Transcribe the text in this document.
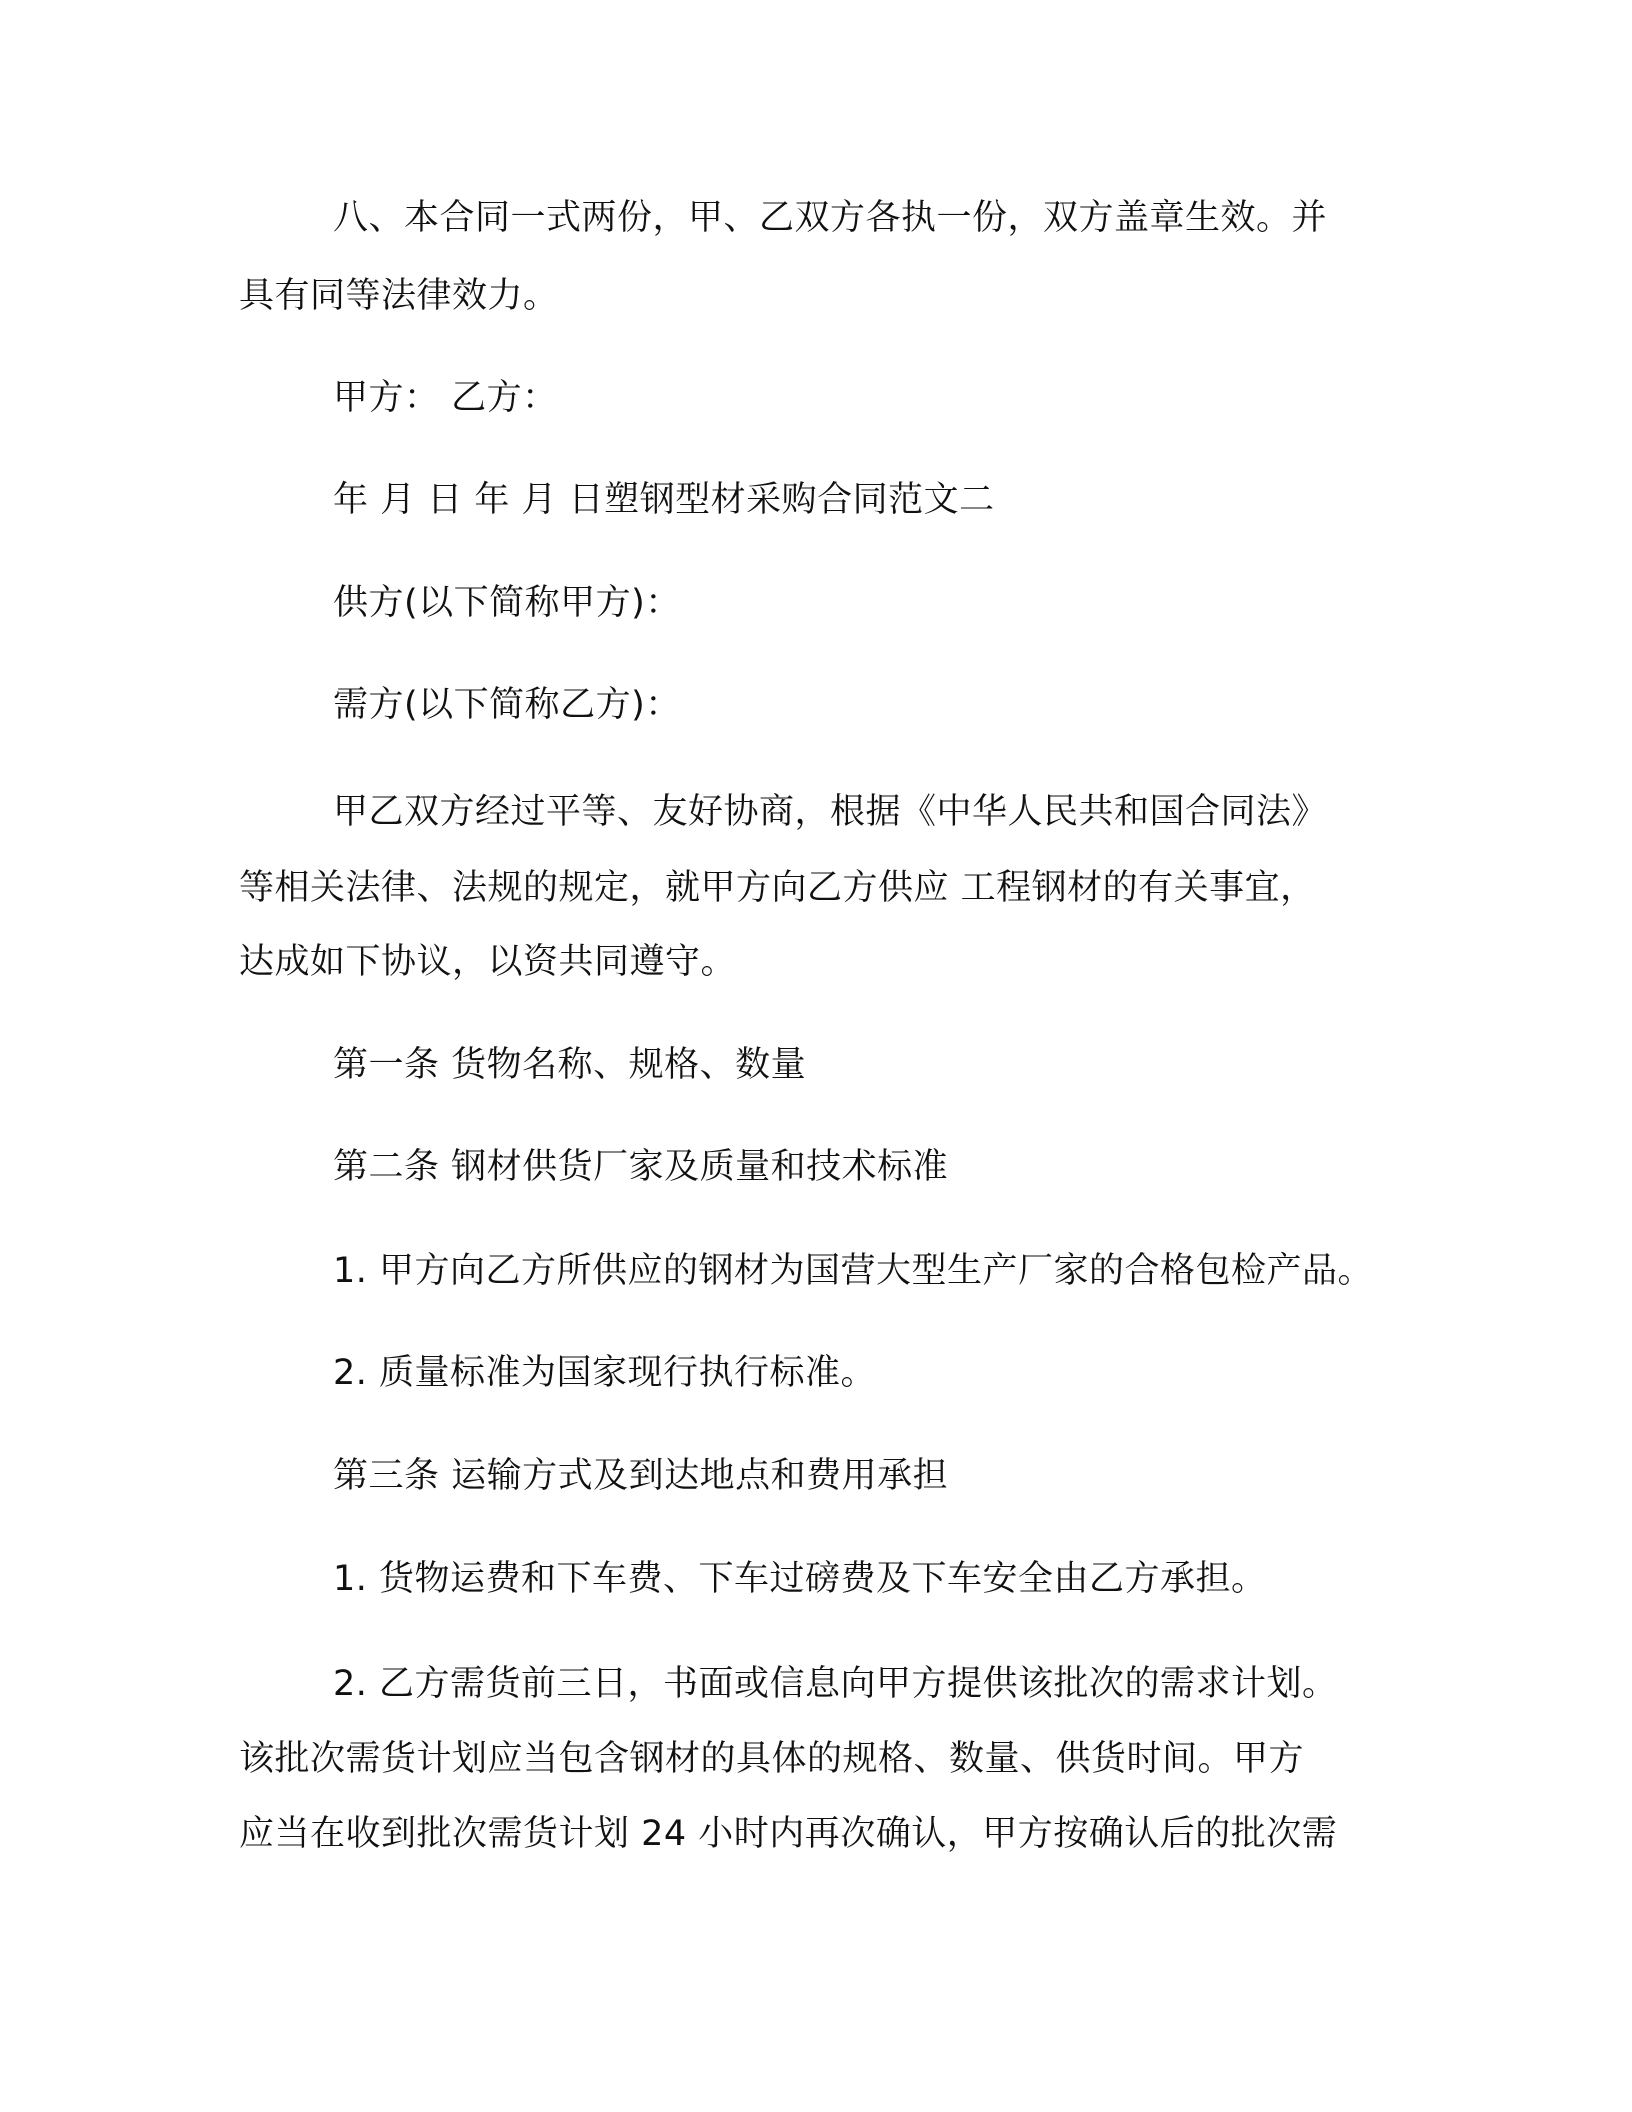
八、本合同一式两份，甲、乙双方各执一份，双方盖章生效。并
具有同等法律效力。
甲方： 乙方：
年 月 日 年 月 日塑钢型材采购合同范文二
供方(以下简称甲方)：
需方(以下简称乙方)：
甲乙双方经过平等、友好协商，根据《中华人民共和国合同法》
等相关法律、法规的规定，就甲方向乙方供应 工程钢材的有关事宜，
达成如下协议，以资共同遵守。
第一条 货物名称、规格、数量
第二条 钢材供货厂家及质量和技术标准
1. 甲方向乙方所供应的钢材为国营大型生产厂家的合格包检产品。
2. 质量标准为国家现行执行标准。
第三条 运输方式及到达地点和费用承担
1. 货物运费和下车费、下车过磅费及下车安全由乙方承担。
2. 乙方需货前三日，书面或信息向甲方提供该批次的需求计划。
该批次需货计划应当包含钢材的具体的规格、数量、供货时间。甲方
应当在收到批次需货计划 24 小时内再次确认，甲方按确认后的批次需
